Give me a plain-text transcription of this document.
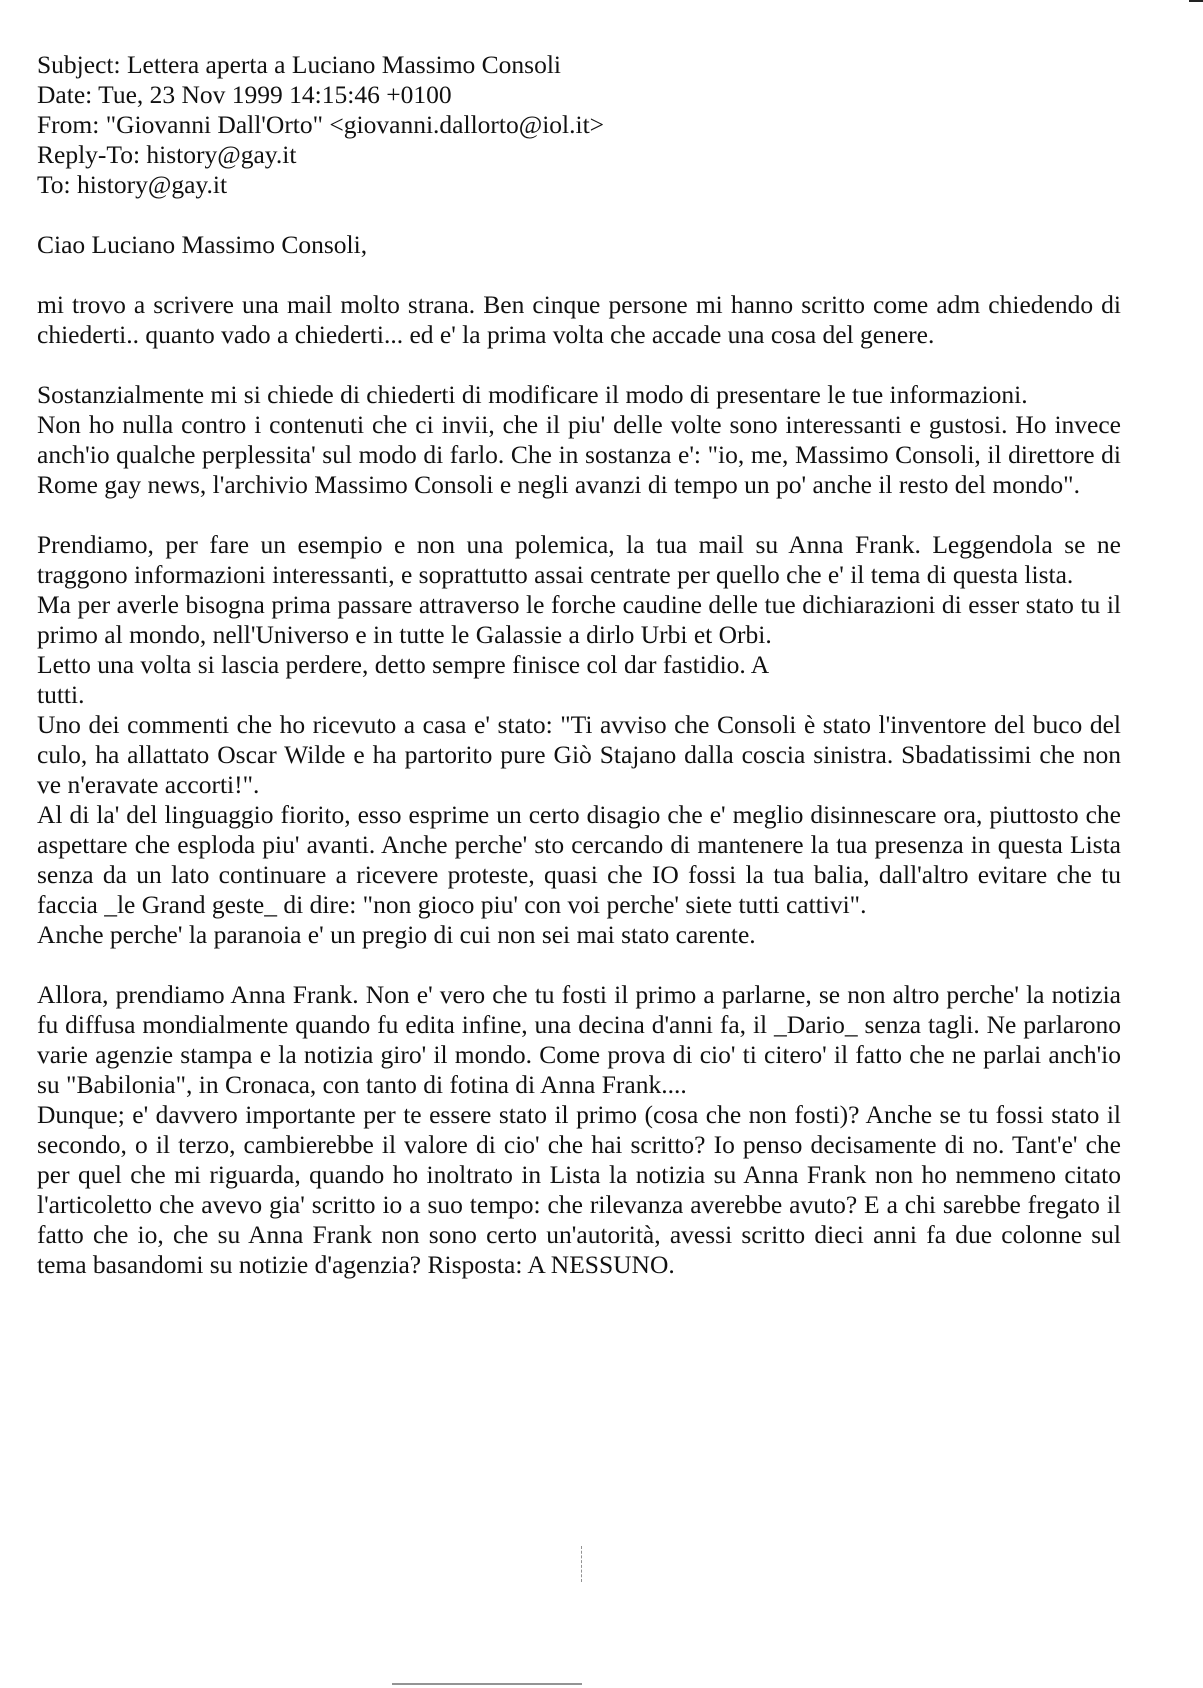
Subject: Lettera aperta a Luciano Massimo Consoli
Date: Tue, 23 Nov 1999 14:15:46 +0100
From: "Giovanni Dall'Orto" <giovanni.dallorto@iol.it>
Reply-To: history@gay.it
To: history@gay.it
Ciao Luciano Massimo Consoli,

mi trovo a scrivere una mail molto strana. Ben cinque persone mi hanno scritto come adm chiedendo di chiederti.. quanto vado a chiederti... ed e' la prima volta che accade una cosa del genere.

Sostanzialmente mi si chiede di chiederti di modificare il modo di presentare le tue informazioni.

Non ho nulla contro i contenuti che ci invii, che il piu' delle volte sono interessanti e gustosi. Ho invece anch'io qualche perplessita' sul modo di farlo. Che in sostanza e': "io, me, Massimo Consoli, il direttore di Rome gay news, l'archivio Massimo Consoli e negli avanzi di tempo un po' anche il resto del mondo".

Prendiamo, per fare un esempio e non una polemica, la tua mail su Anna Frank. Leggendola se ne traggono informazioni interessanti, e soprattutto assai centrate per quello che e' il tema di questa lista.

Ma per averle bisogna prima passare attraverso le forche caudine delle tue dichiarazioni di esser stato tu il primo al mondo, nell'Universo e in tutte le Galassie a dirlo Urbi et Orbi.

Letto una volta si lascia perdere, detto sempre finisce col dar fastidio. A

tutti.

Uno dei commenti che ho ricevuto a casa e' stato: "Ti avviso che Consoli è stato l'inventore del buco del culo, ha allattato Oscar Wilde e ha partorito pure Giò Stajano dalla coscia sinistra. Sbadatissimi che non ve n'eravate accorti!".

Al di la' del linguaggio fiorito, esso esprime un certo disagio che e' meglio disinnescare ora, piuttosto che aspettare che esploda piu' avanti. Anche perche' sto cercando di mantenere la tua presenza in questa Lista senza da un lato continuare a ricevere proteste, quasi che IO fossi la tua balia, dall'altro evitare che tu faccia _le Grand geste_ di dire: "non gioco piu' con voi perche' siete tutti cattivi".

Anche perche' la paranoia e' un pregio di cui non sei mai stato carente.

Allora, prendiamo Anna Frank. Non e' vero che tu fosti il primo a parlarne, se non altro perche' la notizia fu diffusa mondialmente quando fu edita infine, una decina d'anni fa, il _Dario_ senza tagli. Ne parlarono varie agenzie stampa e la notizia giro' il mondo. Come prova di cio' ti citero' il fatto che ne parlai anch'io su "Babilonia", in Cronaca, con tanto di fotina di Anna Frank....

Dunque; e' davvero importante per te essere stato il primo (cosa che non fosti)? Anche se tu fossi stato il secondo, o il terzo, cambierebbe il valore di cio' che hai scritto? Io penso decisamente di no. Tant'e' che per quel che mi riguarda, quando ho inoltrato in Lista la notizia su Anna Frank non ho nemmeno citato l'articoletto che avevo gia' scritto io a suo tempo: che rilevanza averebbe avuto? E a chi sarebbe fregato il fatto che io, che su Anna Frank non sono certo un'autorità, avessi scritto dieci anni fa due colonne sul tema basandomi su notizie d'agenzia? Risposta: A NESSUNO.
